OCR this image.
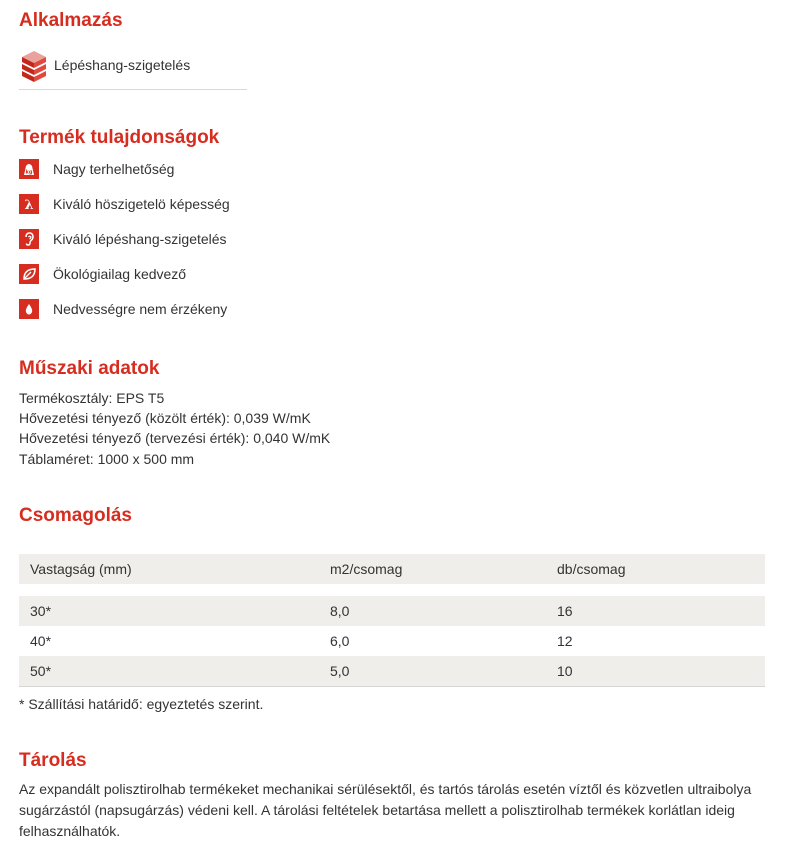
Alkalmazás
Lépéshang-szigetelés
Termék tulajdonságok
kg Nagy terhelhetőség
λ Kiváló höszigetelö képesség
Kiváló lépéshang-szigetelés
Ökológiailag kedvező
Nedvességre nem érzékeny
Műszaki adatok
Termékosztály: EPS T5
Hővezetési tényező (közölt érték): 0,039 W/mK
Hővezetési tényező (tervezési érték): 0,040 W/mK
Táblaméret: 1000 x 500 mm
Csomagolás
Vastagság (mm)	m2/csomag	db/csomag

30*	8,0	16
40*	6,0	12
50*	5,0	10
* Szállítási határidő: egyeztetés szerint.
Tárolás
Az expandált polisztirolhab termékeket mechanikai sérülésektől, és tartós tárolás esetén víztől és közvetlen ultraibolya sugárzástól (napsugárzás) védeni kell. A tárolási feltételek betartása mellett a polisztirolhab termékek korlátlan ideig felhasználhatók.
